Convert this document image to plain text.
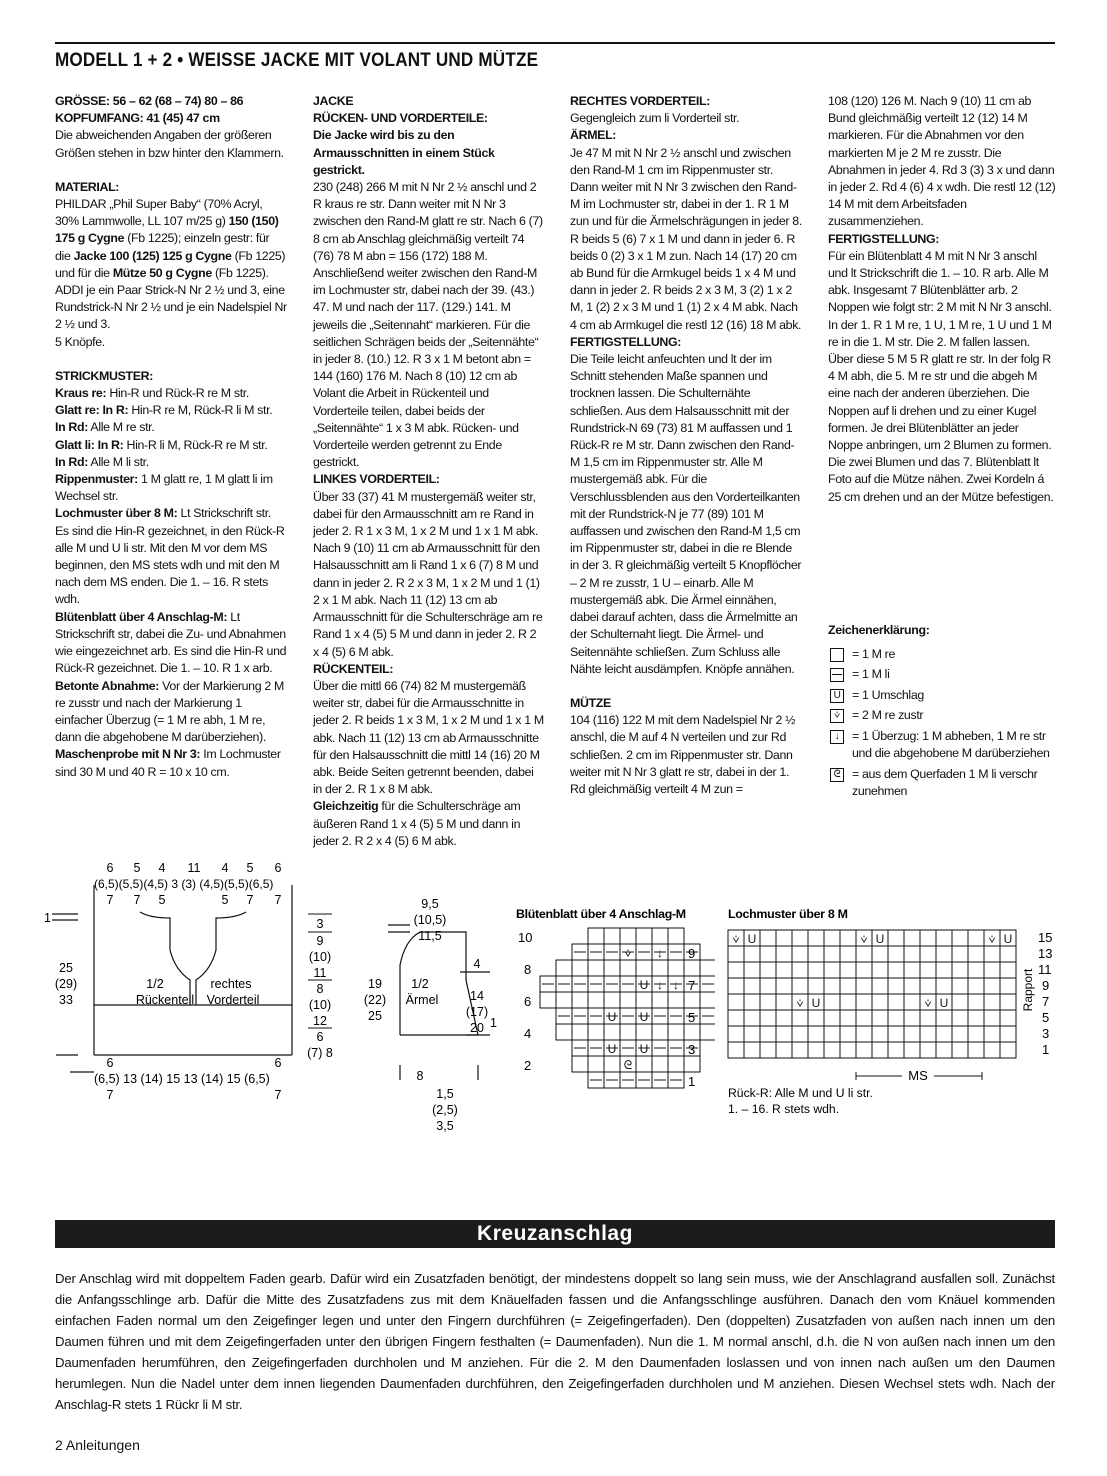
MODELL 1 + 2 • WEISSE JACKE MIT VOLANT UND MÜTZE

GRÖSSE: 56 – 62 (68 – 74) 80 – 86

KOPFUMFANG: 41 (45) 47 cm

Die abweichenden Angaben der größeren Größen stehen in bzw hinter den Klammern.

MATERIAL:

PHILDAR „Phil Super Baby“ (70% Acryl, 30% Lammwolle, LL 107 m/25 g) 150 (150) 175 g Cygne (Fb 1225); einzeln gestr: für die Jacke 100 (125) 125 g Cygne (Fb 1225) und für die Mütze 50 g Cygne (Fb 1225). ADDI je ein Paar Strick-N Nr 2 ½ und 3, eine Rundstrick-N Nr 2 ½ und je ein Nadelspiel Nr 2 ½ und 3.

5 Knöpfe.

STRICKMUSTER:

Kraus re: Hin-R und Rück-R re M str.

Glatt re: In R: Hin-R re M, Rück-R li M str.

In Rd: Alle M re str.

Glatt li: In R: Hin-R li M, Rück-R re M str.

In Rd: Alle M li str.

Rippenmuster: 1 M glatt re, 1 M glatt li im Wechsel str.

Lochmuster über 8 M: Lt Strickschrift str. Es sind die Hin-R gezeichnet, in den Rück-R alle M und U li str. Mit den M vor dem MS beginnen, den MS stets wdh und mit den M nach dem MS enden. Die 1. – 16. R stets wdh.

Blütenblatt über 4 Anschlag-M: Lt Strickschrift str, dabei die Zu- und Abnahmen wie eingezeichnet arb. Es sind die Hin-R und Rück-R gezeichnet. Die 1. – 10. R 1 x arb.

Betonte Abnahme: Vor der Markierung 2 M re zusstr und nach der Markierung 1 einfacher Überzug (= 1 M re abh, 1 M re, dann die abgehobene M darüberziehen).

Maschenprobe mit N Nr 3: Im Lochmuster sind 30 M und 40 R = 10 x 10 cm.

JACKE

RÜCKEN- UND VORDERTEILE:

Die Jacke wird bis zu den Armausschnitten in einem Stück gestrickt.

230 (248) 266 M mit N Nr 2 ½ anschl und 2 R kraus re str. Dann weiter mit N Nr 3 zwischen den Rand-M glatt re str. Nach 6 (7) 8 cm ab Anschlag gleichmäßig verteilt 74 (76) 78 M abn = 156 (172) 188 M. Anschließend weiter zwischen den Rand-M im Lochmuster str, dabei nach der 39. (43.) 47. M und nach der 117. (129.) 141. M jeweils die „Seitennaht“ markieren. Für die seitlichen Schrägen beids der „Seitennähte“ in jeder 8. (10.) 12. R 3 x 1 M betont abn = 144 (160) 176 M. Nach 8 (10) 12 cm ab Volant die Arbeit in Rückenteil und Vorderteile teilen, dabei beids der „Seitennähte“ 1 x 3 M abk. Rücken- und Vorderteile werden getrennt zu Ende gestrickt.

LINKES VORDERTEIL:

Über 33 (37) 41 M mustergemäß weiter str, dabei für den Armausschnitt am re Rand in jeder 2. R 1 x 3 M, 1 x 2 M und 1 x 1 M abk. Nach 9 (10) 11 cm ab Armausschnitt für den Halsausschnitt am li Rand 1 x 6 (7) 8 M und dann in jeder 2. R 2 x 3 M, 1 x 2 M und 1 (1) 2 x 1 M abk. Nach 11 (12) 13 cm ab Armausschnitt für die Schulterschräge am re Rand 1 x 4 (5) 5 M und dann in jeder 2. R 2 x 4 (5) 6 M abk.

RÜCKENTEIL:

Über die mittl 66 (74) 82 M mustergemäß weiter str, dabei für die Armausschnitte in jeder 2. R beids 1 x 3 M, 1 x 2 M und 1 x 1 M abk. Nach 11 (12) 13 cm ab Armausschnitte für den Halsausschnitt die mittl 14 (16) 20 M abk. Beide Seiten getrennt beenden, dabei in der 2. R 1 x 8 M abk.

Gleichzeitig für die Schulterschräge am äußeren Rand 1 x 4 (5) 5 M und dann in jeder 2. R 2 x 4 (5) 6 M abk.

RECHTES VORDERTEIL:

Gegengleich zum li Vorderteil str.

ÄRMEL:

Je 47 M mit N Nr 2 ½ anschl und zwischen den Rand-M 1 cm im Rippenmuster str. Dann weiter mit N Nr 3 zwischen den Rand-M im Lochmuster str, dabei in der 1. R 1 M zun und für die Ärmelschrägungen in jeder 8. R beids 5 (6) 7 x 1 M und dann in jeder 6. R beids 0 (2) 3 x 1 M zun. Nach 14 (17) 20 cm ab Bund für die Armkugel beids 1 x 4 M und dann in jeder 2. R beids 2 x 3 M, 3 (2) 1 x 2 M, 1 (2) 2 x 3 M und 1 (1) 2 x 4 M abk. Nach 4 cm ab Armkugel die restl 12 (16) 18 M abk.

FERTIGSTELLUNG:

Die Teile leicht anfeuchten und lt der im Schnitt stehenden Maße spannen und trocknen lassen. Die Schulternähte schließen. Aus dem Halsausschnitt mit der Rundstrick-N 69 (73) 81 M auffassen und 1 Rück-R re M str. Dann zwischen den Rand-M 1,5 cm im Rippenmuster str. Alle M mustergemäß abk. Für die Verschlussblenden aus den Vorderteilkanten mit der Rundstrick-N je 77 (89) 101 M auffassen und zwischen den Rand-M 1,5 cm im Rippenmuster str, dabei in die re Blende in der 3. R gleichmäßig verteilt 5 Knopflöcher – 2 M re zusstr, 1 U – einarb. Alle M mustergemäß abk. Die Ärmel einnähen, dabei darauf achten, dass die Ärmelmitte an der Schulternaht liegt. Die Ärmel- und Seitennähte schließen. Zum Schluss alle Nähte leicht ausdämpfen. Knöpfe annähen.

MÜTZE

104 (116) 122 M mit dem Nadelspiel Nr 2 ½ anschl, die M auf 4 N verteilen und zur Rd schließen. 2 cm im Rippenmuster str. Dann weiter mit N Nr 3 glatt re str, dabei in der 1. Rd gleichmäßig verteilt 4 M zun =

108 (120) 126 M. Nach 9 (10) 11 cm ab Bund gleichmäßig verteilt 12 (12) 14 M markieren. Für die Abnahmen vor den markierten M je 2 M re zusstr. Die Abnahmen in jeder 4. Rd 3 (3) 3 x und dann in jeder 2. Rd 4 (6) 4 x wdh. Die restl 12 (12) 14 M mit dem Arbeitsfaden zusammenziehen.

FERTIGSTELLUNG:

Für ein Blütenblatt 4 M mit N Nr 3 anschl und lt Strickschrift die 1. – 10. R arb. Alle M abk. Insgesamt 7 Blütenblätter arb. 2 Noppen wie folgt str: 2 M mit N Nr 3 anschl. In der 1. R 1 M re, 1 U, 1 M re, 1 U und 1 M re in die 1. M str. Die 2. M fallen lassen. Über diese 5 M 5 R glatt re str. In der folg R 4 M abh, die 5. M re str und die abgeh M eine nach der anderen überziehen. Die Noppen auf li drehen und zu einer Kugel formen. Je drei Blütenblätter an jeder Noppe anbringen, um 2 Blumen zu formen. Die zwei Blumen und das 7. Blütenblatt lt Foto auf die Mütze nähen. Zwei Kordeln á 25 cm drehen und an der Mütze befestigen.

Zeichenerklärung:
= 1 M re
= 1 M li
U = 1 Umschlag
⩒ = 2 M re zustr
↓	= 1 Überzug: 1 M abheben, 1 M re str und die abgehobene M darüberziehen
ᘓ = aus dem Querfaden 1 M li verschr zunehmen
6 5 4 11 4 5 6
(6,5)(5,5)(4,5) 3 (3) (4,5)(5,5)(6,5)
7 7 5	5 7 7
1
25
(29)
33
1/2
Rückenteil
rechtes
Vorderteil
6	6
(6,5) 13 (14) 15 13 (14) 15 (6,5)
7	7
3
9
(10)
11
8
(10)
12
6
(7) 8
9,5
(10,5)
11,5
19
(22)
25
1/2
Ärmel
4
14
(17)
20 1
8
1,5
(2,5)
3,5
Blütenblatt über 4 Anschlag-M
⩒ ↓
U ↓ ↓
U U
U U
ᘓ
10
8
6
4
2
9
7
5
3
1
Lochmuster über 8 M
⩒ U	⩒ U	⩒ U
⩒ U	⩒ U
15
13
11
9
7
5
3
1
Rapport
MS
Rück-R: Alle M und U li str.
1. – 16. R stets wdh.
Kreuzanschlag
Der Anschlag wird mit doppeltem Faden gearb. Dafür wird ein Zusatzfaden benötigt, der mindestens doppelt so lang sein muss, wie der Anschlagrand ausfallen soll. Zunächst die Anfangsschlinge arb. Dafür die Mitte des Zusatzfadens zus mit dem Knäuelfaden fassen und die Anfangsschlinge ausführen. Danach den vom Knäuel kommenden einfachen Faden normal um den Zeigefinger legen und unter den Fingern durchführen (= Zeigefingerfaden). Den (doppelten) Zusatzfaden von außen nach innen um den Daumen führen und mit dem Zeigefingerfaden unter den übrigen Fingern festhalten (= Daumenfaden). Nun die 1. M normal anschl, d.h. die N von außen nach innen um den Daumenfaden herumführen, den Zeigefingerfaden durchholen und M anziehen. Für die 2. M den Daumenfaden loslassen und von innen nach außen um den Daumen herumlegen. Nun die Nadel unter dem innen liegenden Daumenfaden durchführen, den Zeigefingerfaden durchholen und M anziehen. Diesen Wechsel stets wdh. Nach der Anschlag-R stets 1 Rückr li M str.
2 Anleitungen
